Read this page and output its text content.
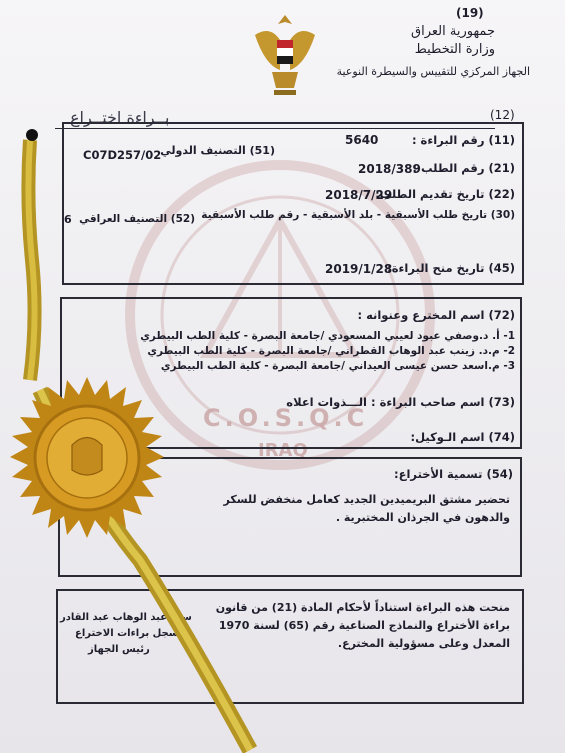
C.O.S.Q.C
IRAQ
(19)
جمهورية العراق
وزارة التخطيط
الجهاز المركزي للتقييس والسيطرة النوعية
بــراءة اختــراع	(12)
(11) رقم البراءة :
5640
(51) التصنيف الدولي
C07D257/02
(21) رقم الطلب :
2018/389
(22) تاريخ تقديم الطلب:
2018/7/29
(30) تاريخ طلب الأسبقية - بلد الأسبقية - رقم طلب الأسبقية
(52) التصنيف العراقي
6
(45) تاريخ منح البراءة:
2019/1/28
(72) اسم المخترع وعنوانه :
1- أ. د.وصفي عبود لعيبي المسعودي /جامعة البصرة - كلية الطب البيطري
2- م.د. زينب عبد الوهاب القطراني /جامعة البصرة - كلية الطب البيطري
3- م.اسعد حسن عيسى العيداني /جامعة البصرة - كلية الطب البيطري
(73) اسم صاحب البراءة : الـــذوات اعلاه
(74) اسم الـوكيل:
(54) تسمية الأختراع:
تحضير مشتق البريميدين الجديد كعامل منخفض للسكر
والدهون في الجرذان المختبرية .
منحت هذه البراءة استناداً لأحكام المادة (21) من قانون
براءة الأختراع والنماذج الصناعية رقم (65) لسنة 1970
المعدل وعلى مسؤولية المخترع.
سعد عبد الوهاب عبد القادر
مسجل براءات الاختراع
رئيس الجهاز
